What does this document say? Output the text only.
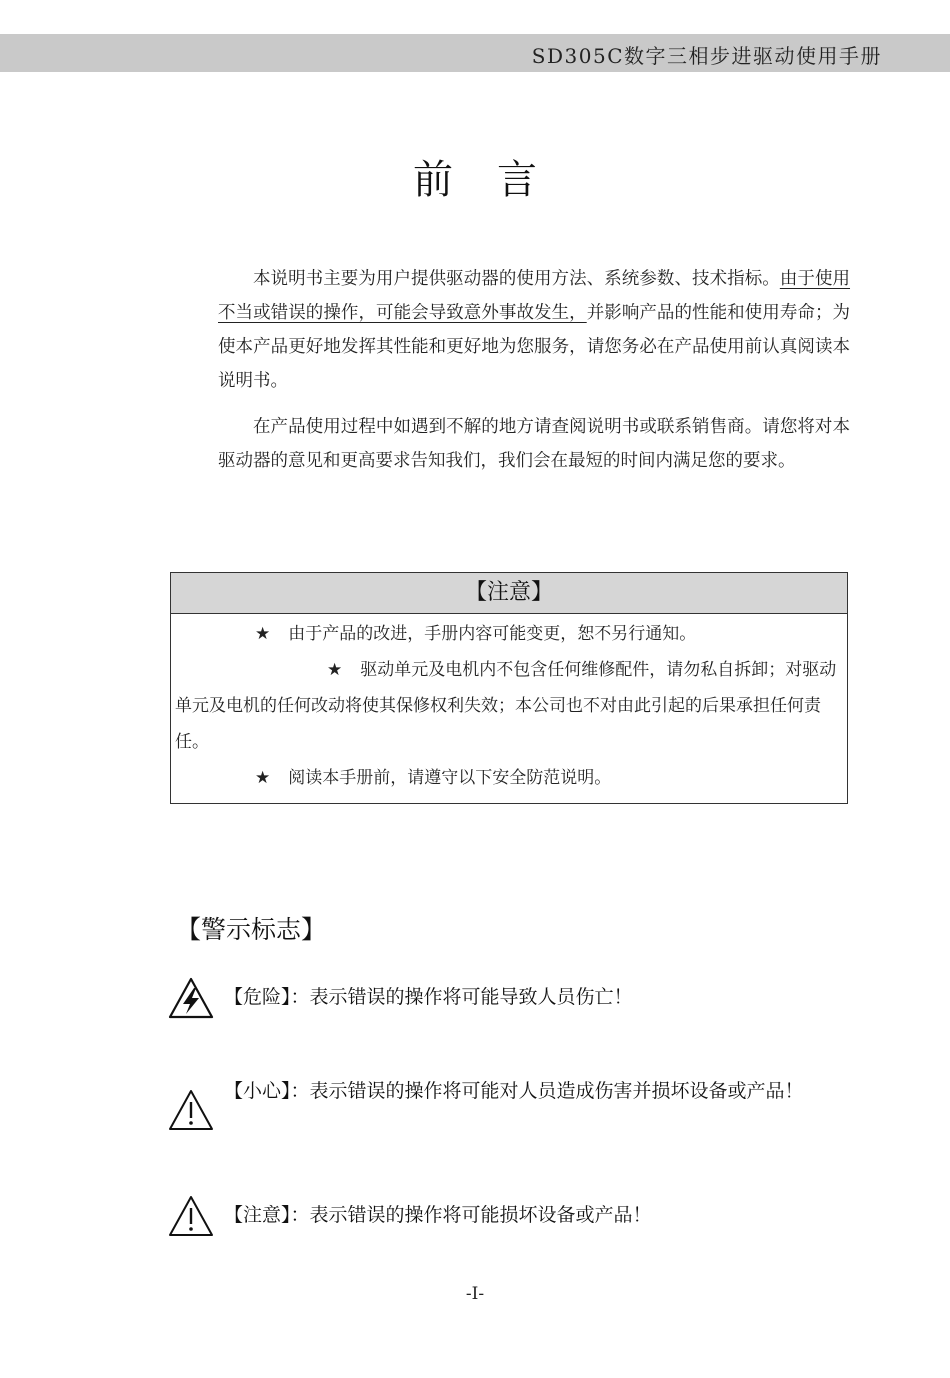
SD305C数字三相步进驱动使用手册
前言

本说明书主要为用户提供驱动器的使用方法、系统参数、技术指标。由于使用不当或错误的操作，可能会导致意外事故发生，并影响产品的性能和使用寿命；为使本产品更好地发挥其性能和更好地为您服务，请您务必在产品使用前认真阅读本说明书。

在产品使用过程中如遇到不解的地方请查阅说明书或联系销售商。请您将对本驱动器的意见和更高要求告知我们，我们会在最短的时间内满足您的要求。

【注意】

★ 由于产品的改进，手册内容可能变更，恕不另行通知。

★ 驱动单元及电机内不包含任何维修配件，请勿私自拆卸；对驱动单元及电机的任何改动将使其保修权利失效；本公司也不对由此引起的后果承担任何责任。

★ 阅读本手册前，请遵守以下安全防范说明。

【警示标志】
【危险】：表示错误的操作将可能导致人员伤亡！
【小心】：表示错误的操作将可能对人员造成伤害并损坏设备或产品！
【注意】：表示错误的操作将可能损坏设备或产品！
-I-
